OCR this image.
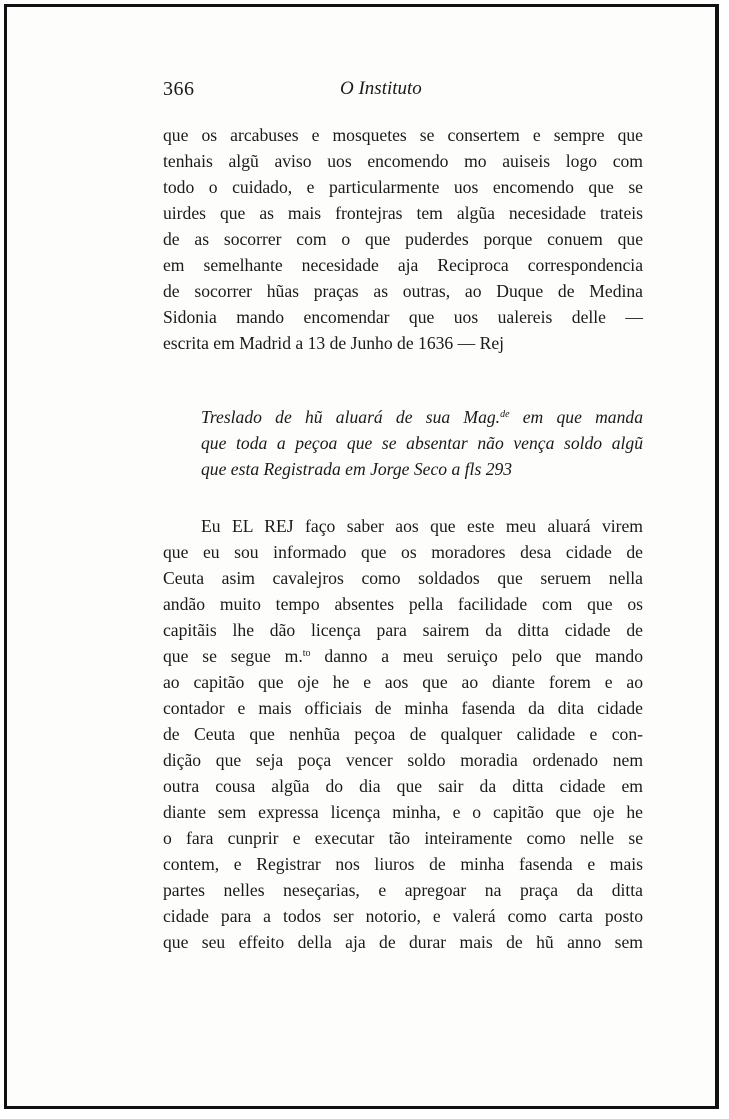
366	O Instituto
que os arcabuses e mosquetes se consertem e sempre que
tenhais algũ aviso uos encomendo mo auiseis logo com
todo o cuidado, e particularmente uos encomendo que se
uirdes que as mais frontejras tem algũa necesidade trateis
de as socorrer com o que puderdes porque conuem que
em semelhante necesidade aja Reciproca correspondencia
de socorrer hũas praças as outras, ao Duque de Medina
Sidonia mando encomendar que uos ualereis delle —
escrita em Madrid a 13 de Junho de 1636 — Rej
Treslado de hũ aluará de sua Mag.$^{de}$ em que manda
que toda a peçoa que se absentar não vença soldo algũ
que esta Registrada em Jorge Seco a fls 293
Eu EL REJ faço saber aos que este meu aluará virem
que eu sou informado que os moradores desa cidade de
Ceuta asim cavalejros como soldados que seruem nella
andão muito tempo absentes pella facilidade com que os
capitãis lhe dão licença para sairem da ditta cidade de
que se segue m.$^{to}$ danno a meu seruiço pelo que mando
ao capitão que oje he e aos que ao diante forem e ao
contador e mais officiais de minha fasenda da dita cidade
de Ceuta que nenhũa peçoa de qualquer calidade e con-
dição que seja poça vencer soldo moradia ordenado nem
outra cousa algũa do dia que sair da ditta cidade em
diante sem expressa licença minha, e o capitão que oje he
o fara cunprir e executar tão inteiramente como nelle se
contem, e Registrar nos liuros de minha fasenda e mais
partes nelles neseçarias, e apregoar na praça da ditta
cidade para a todos ser notorio, e valerá como carta posto
que seu effeito della aja de durar mais de hũ anno sem
